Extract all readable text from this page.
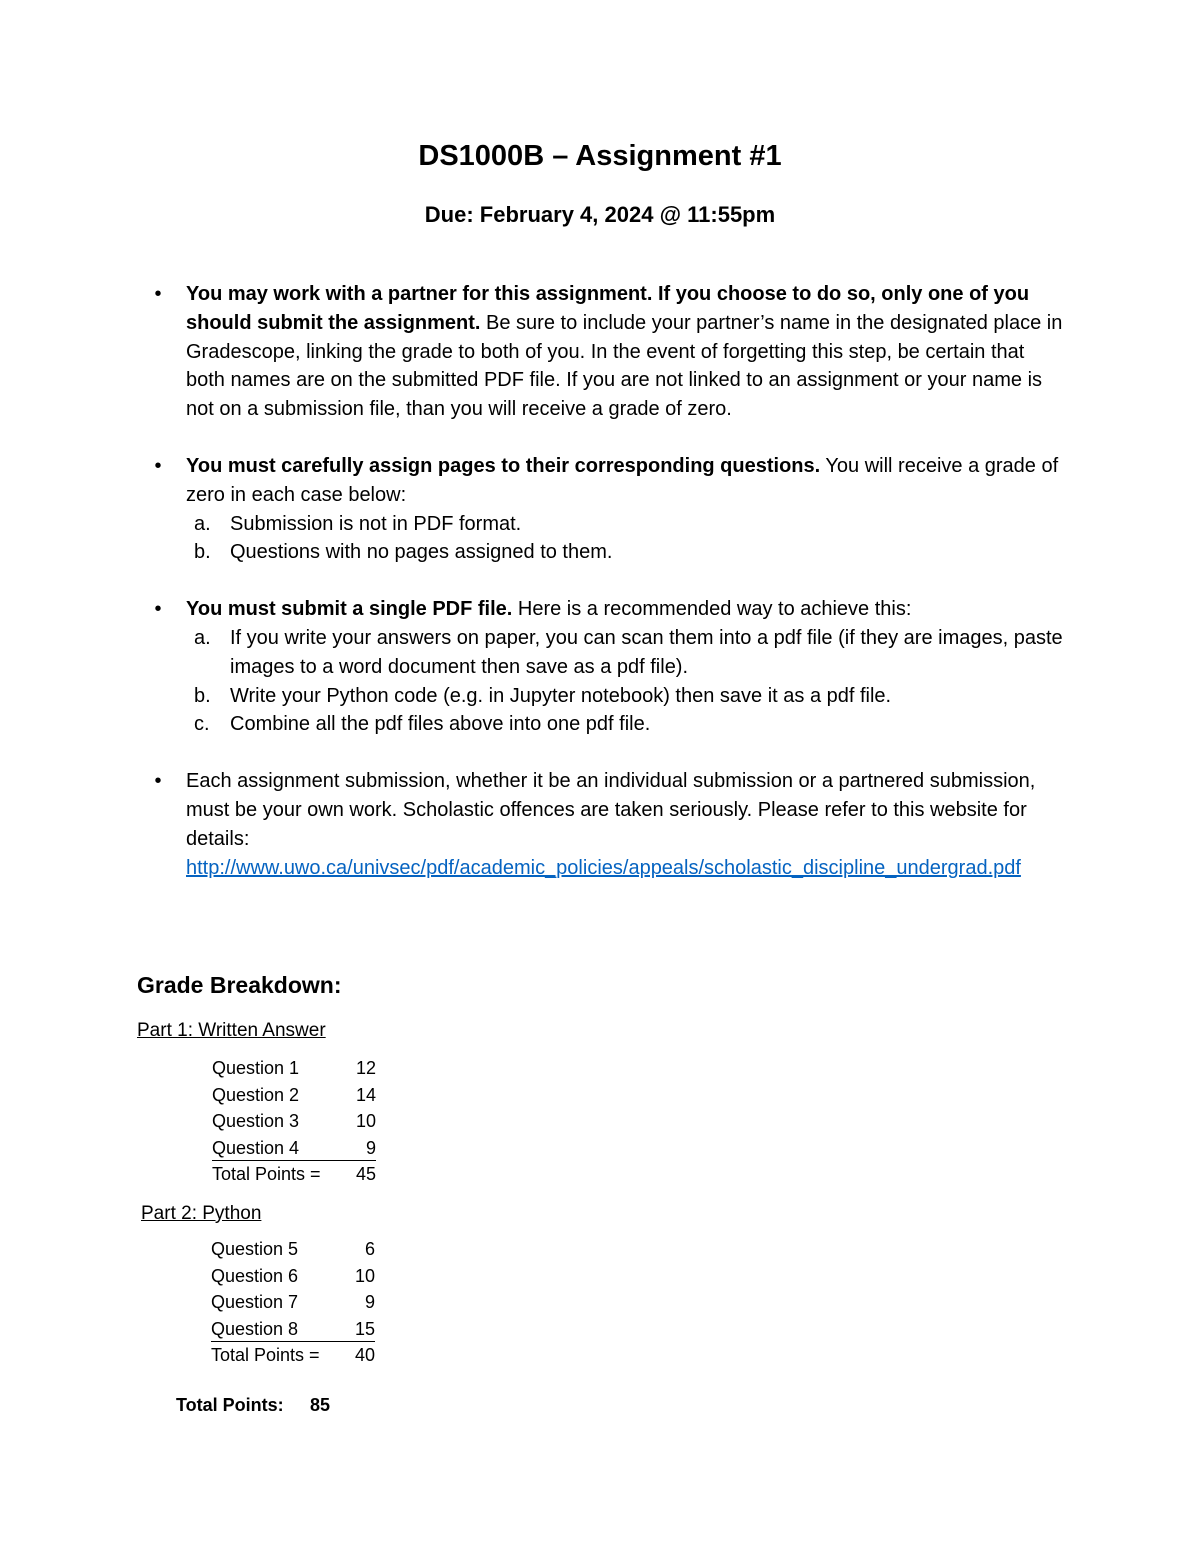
DS1000B – Assignment #1
Due: February 4, 2024 @ 11:55pm
•	You may work with a partner for this assignment. If you choose to do so, only one of you should submit the assignment. Be sure to include your partner’s name in the designated place in Gradescope, linking the grade to both of you. In the event of forgetting this step, be certain that both names are on the submitted PDF file. If you are not linked to an assignment or your name is not on a submission file, than you will receive a grade of zero.
•	You must carefully assign pages to their corresponding questions. You will receive a grade of zero in each case below:
a. Submission is not in PDF format.
b. Questions with no pages assigned to them.
•	You must submit a single PDF file. Here is a recommended way to achieve this:
a. If you write your answers on paper, you can scan them into a pdf file (if they are images, paste images to a word document then save as a pdf file).
b. Write your Python code (e.g. in Jupyter notebook) then save it as a pdf file.
c. Combine all the pdf files above into one pdf file.
•	Each assignment submission, whether it be an individual submission or a partnered submission, must be your own work. Scholastic offences are taken seriously. Please refer to this website for details:
http://www.uwo.ca/univsec/pdf/academic_policies/appeals/scholastic_discipline_undergrad.pdf
Grade Breakdown:
Part 1: Written Answer
Question 1	12
Question 2	14
Question 3	10
Question 4	9
Total Points = 45
Part 2: Python
Question 5	6
Question 6	10
Question 7	9
Question 8	15
Total Points = 40
Total Points: 85
